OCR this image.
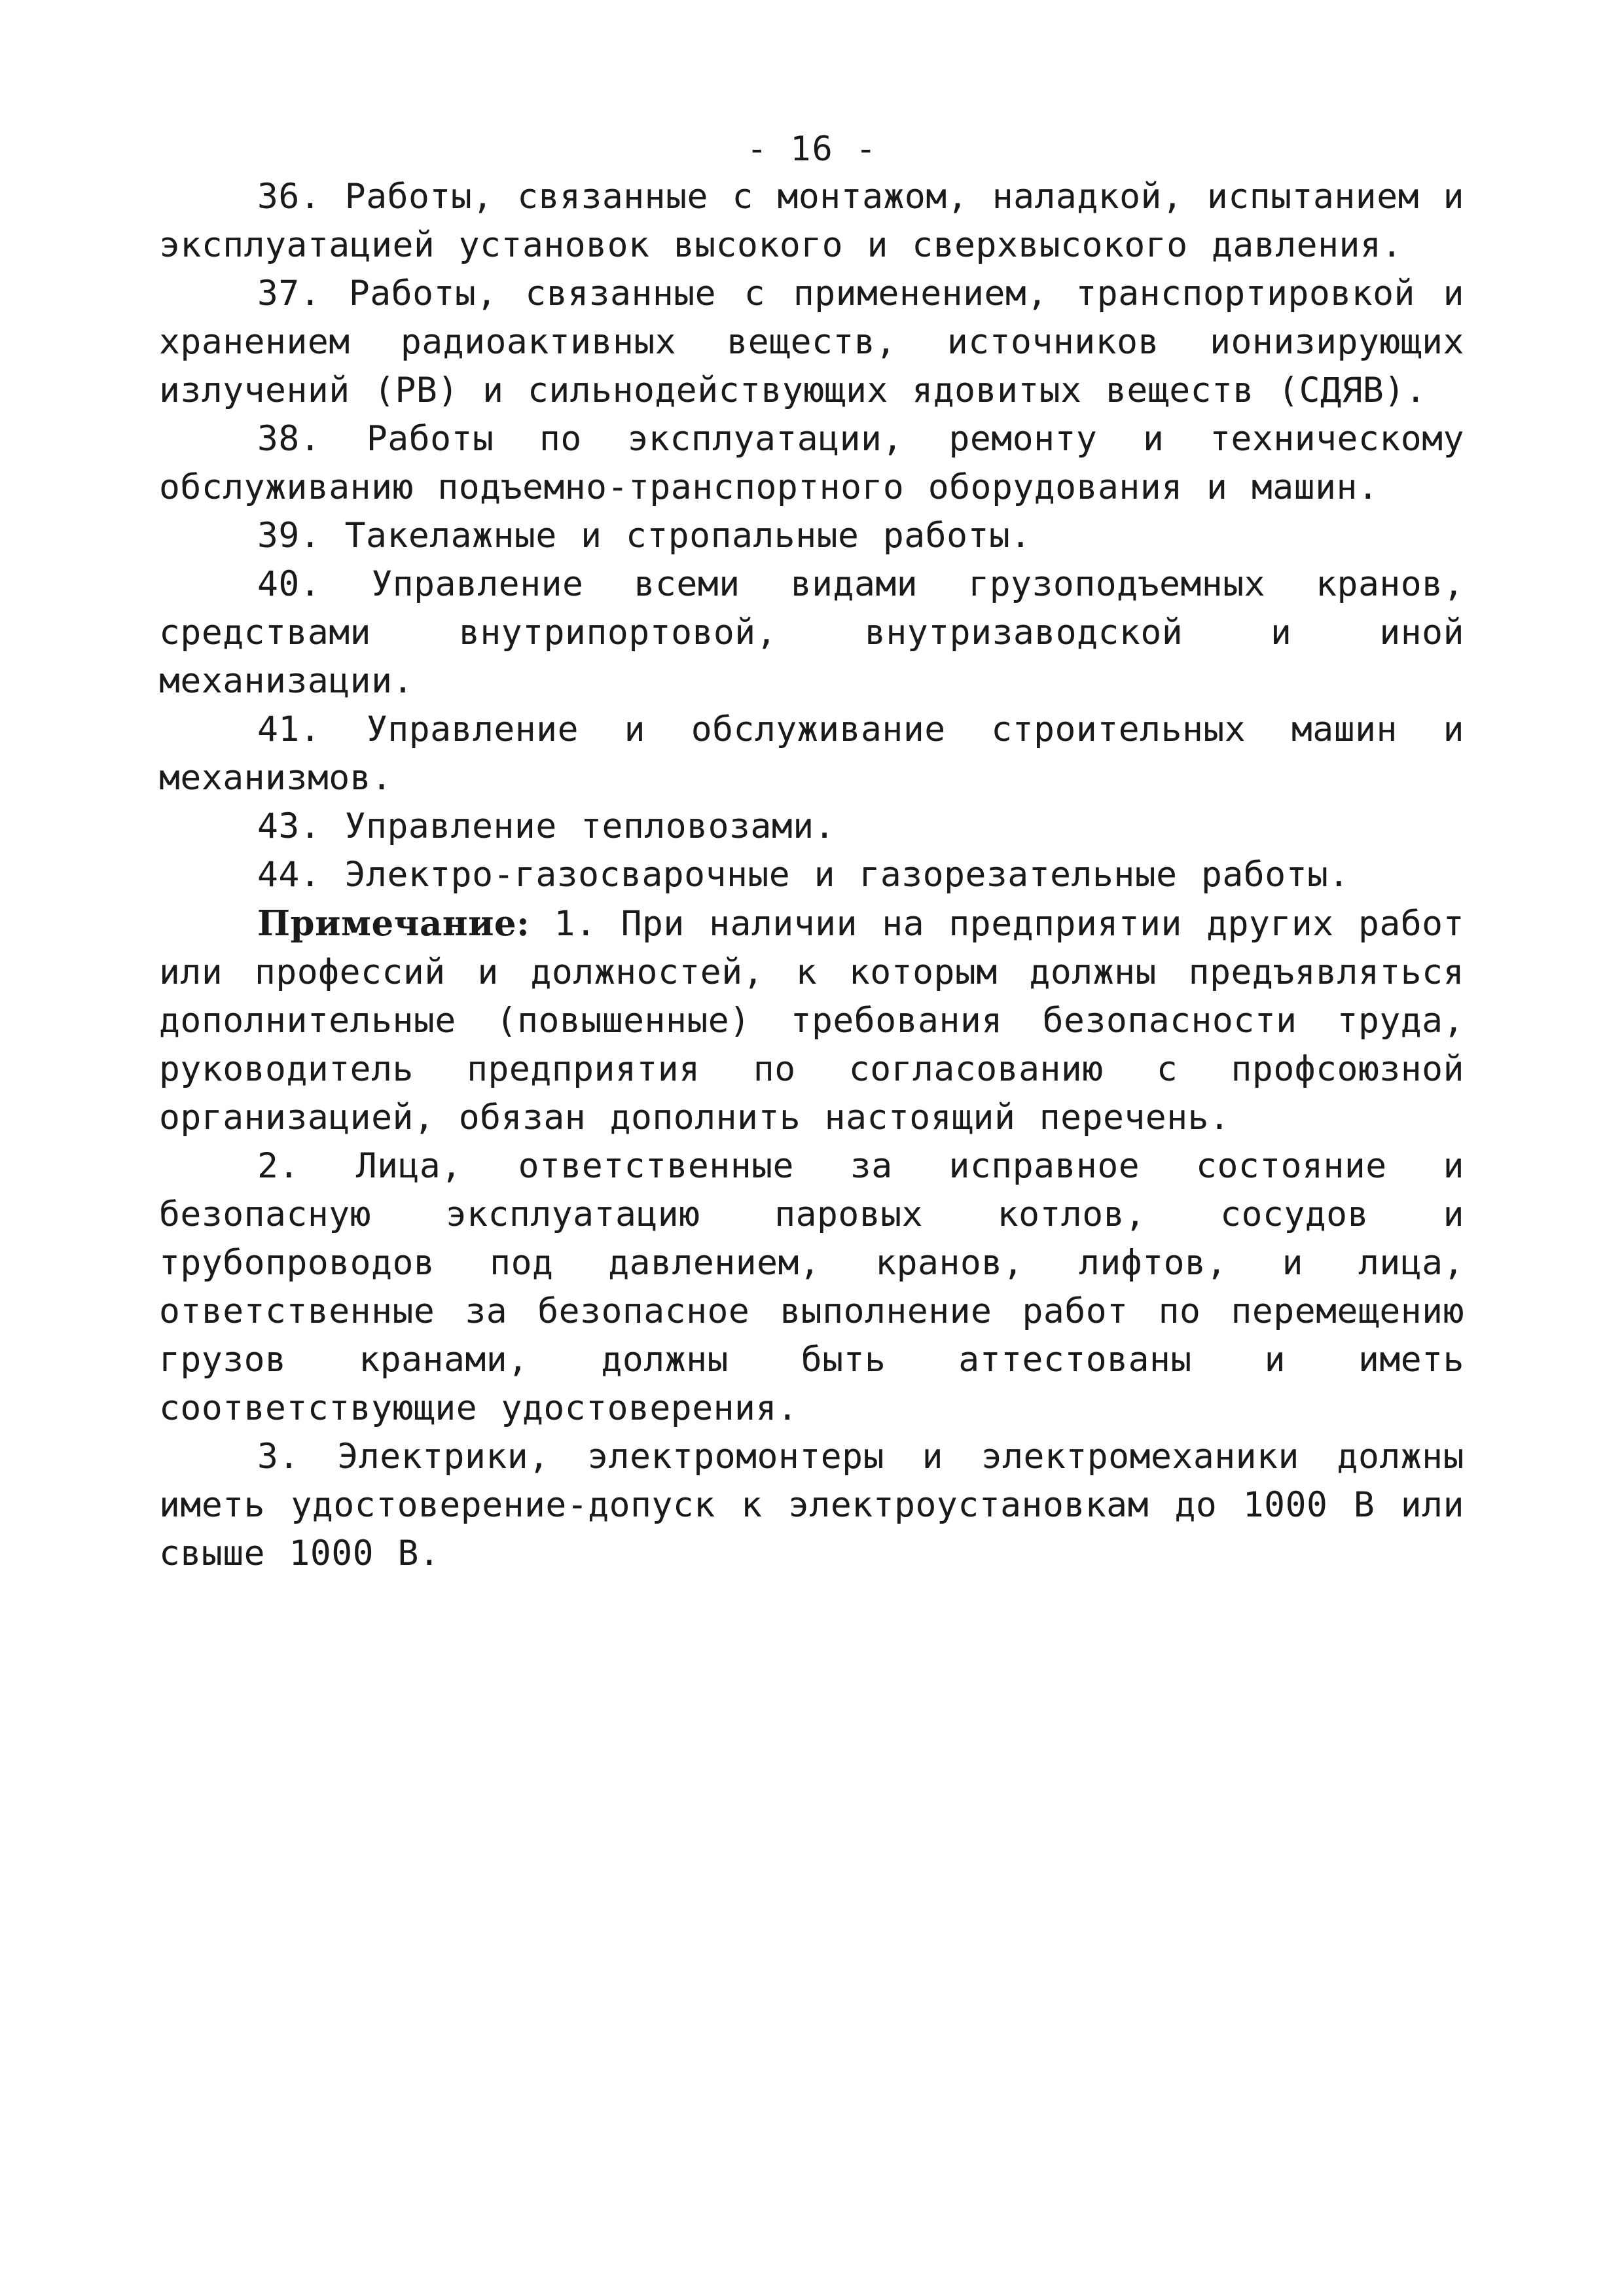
- 16 -

36. Работы, связанные с монтажом, наладкой, испытанием и эксплуатацией установок высокого и сверхвысокого давления.

37. Работы, связанные с применением, транспортировкой и хранением радиоактивных веществ, источников ионизирующих излучений (РВ) и сильнодействующих ядовитых веществ (СДЯВ).

38. Работы по эксплуатации, ремонту и техническому обслуживанию подъемно-транспортного оборудования и машин.

39. Такелажные и стропальные работы.

40. Управление всеми видами грузоподъемных кранов, средствами внутрипортовой, внутризаводской и иной механизации.

41. Управление и обслуживание строительных машин и механизмов.

43. Управление тепловозами.

44. Электро-газосварочные и газорезательные работы.

Примечание: 1. При наличии на предприятии других работ или профессий и должностей, к которым должны предъявляться дополнительные (повышенные) требования безопасности труда, руководитель предприятия по согласованию с профсоюзной организацией, обязан дополнить настоящий перечень.

2. Лица, ответственные за исправное состояние и безопасную эксплуатацию паровых котлов, сосудов и трубопроводов под давлением, кранов, лифтов, и лица, ответственные за безопасное выполнение работ по перемещению грузов кранами, должны быть аттестованы и иметь соответствующие удостоверения.

3. Электрики, электромонтеры и электромеханики должны иметь удостоверение-допуск к электроустановкам до 1000 В или свыше 1000 В.
